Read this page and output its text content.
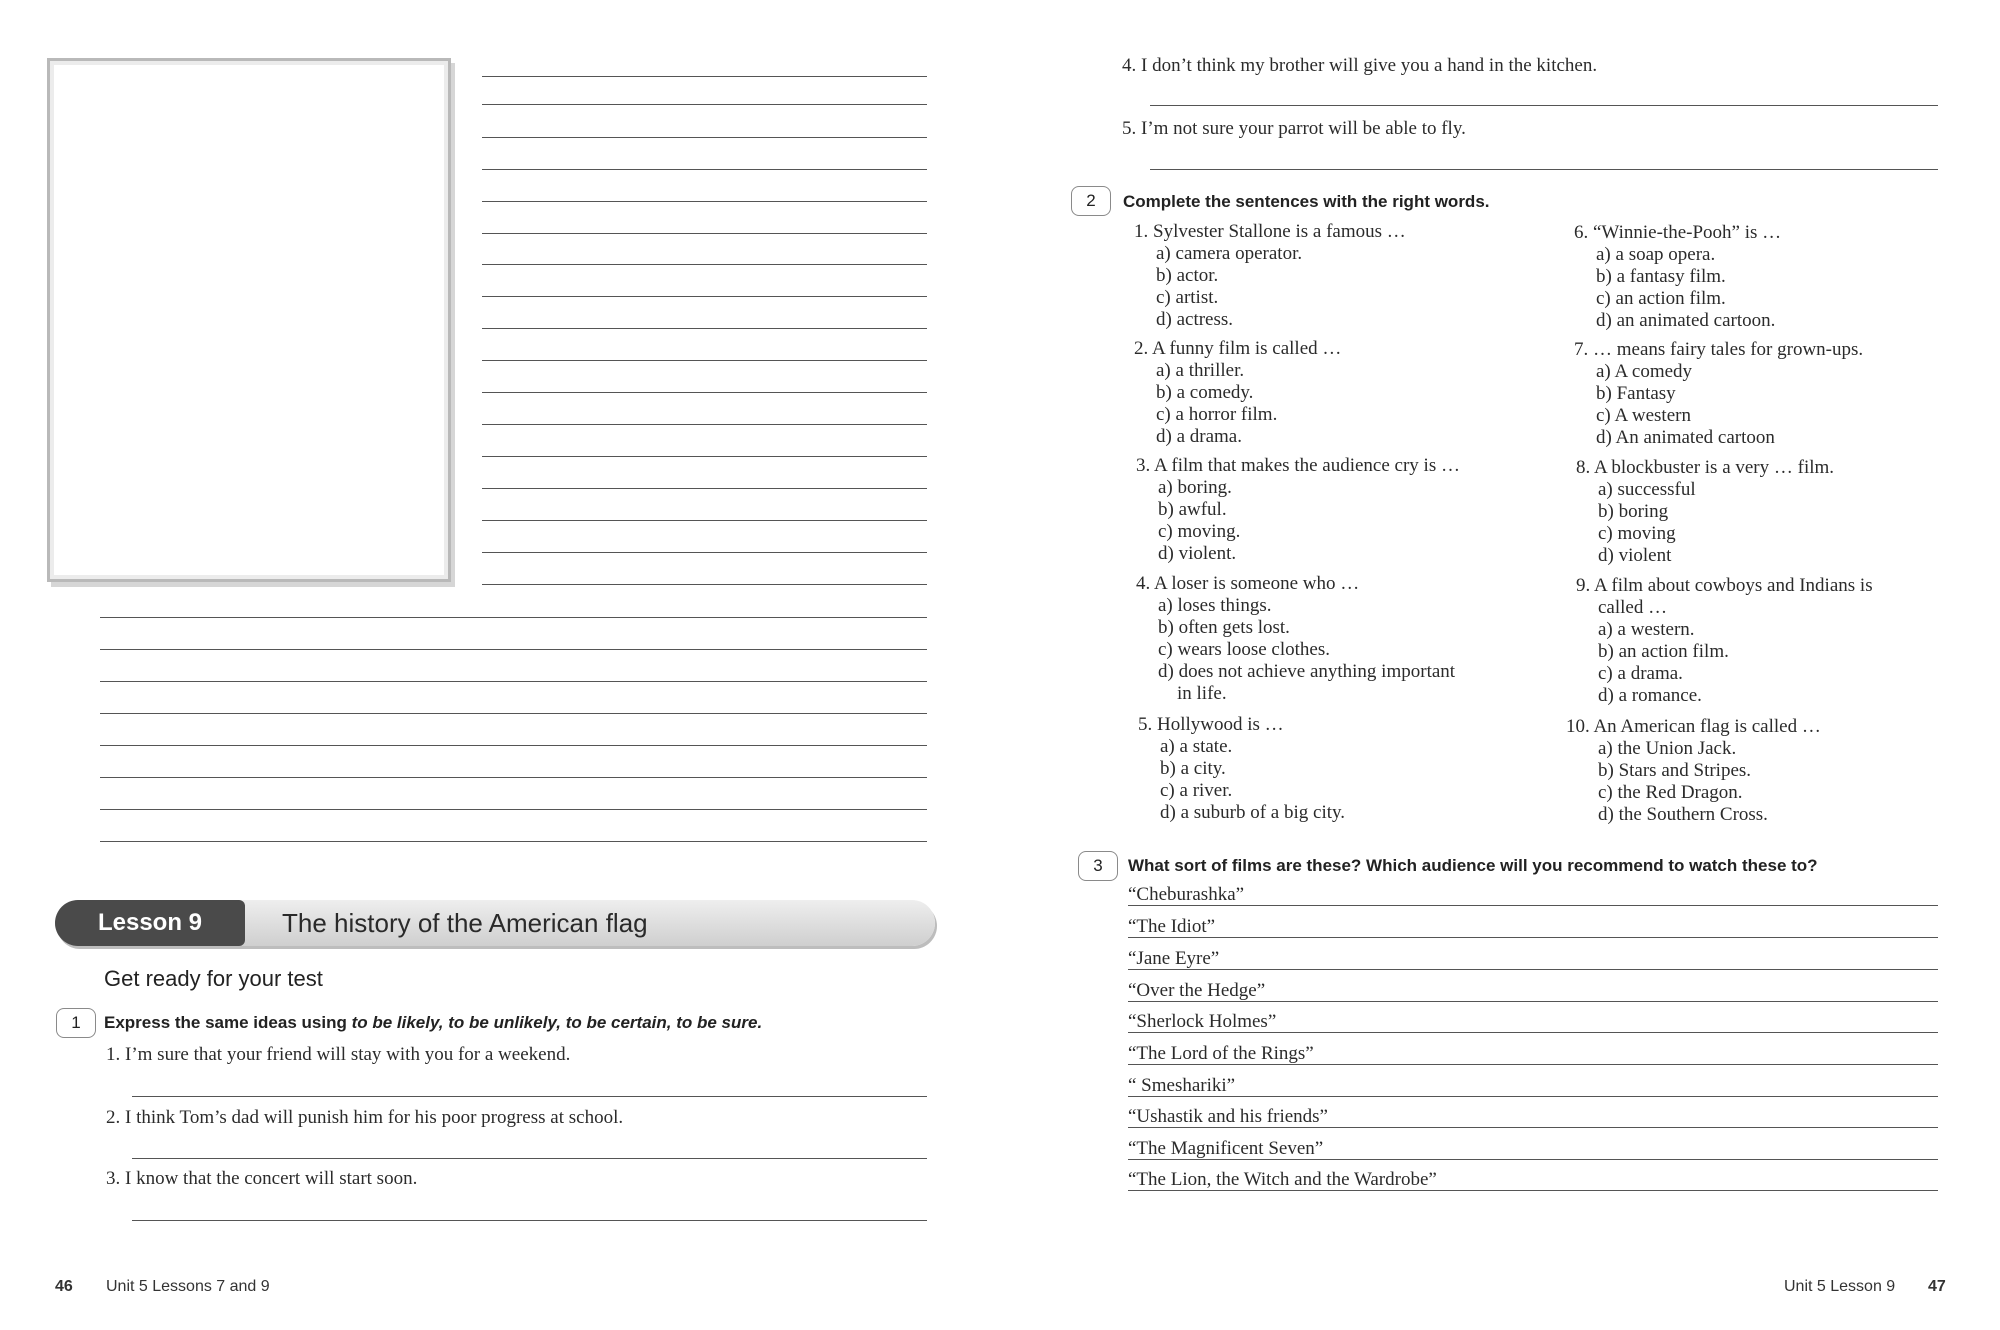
Lesson 9	The history of the American flag
Get ready for your test
1	Express the same ideas using to be likely, to be unlikely, to be certain, to be sure.
1. I’m sure that your friend will stay with you for a weekend.
2. I think Tom’s dad will punish him for his poor progress at school.
3. I know that the concert will start soon.
46 Unit 5 Lessons 7 and 9
4. I don’t think my brother will give you a hand in the kitchen.
5. I’m not sure your parrot will be able to fly.
2	Complete the sentences with the right words.
1. Sylvester Stallone is a famous …
a) camera operator.
b) actor.
c) artist.
d) actress.
2. A funny film is called …
a) a thriller.
b) a comedy.
c) a horror film.
d) a drama.
3. A film that makes the audience cry is …
a) boring.
b) awful.
c) moving.
d) violent.
4. A loser is someone who …
a) loses things.
b) often gets lost.
c) wears loose clothes.
d) does not achieve anything important
in life.
5. Hollywood is …
a) a state.
b) a city.
c) a river.
d) a suburb of a big city.
6. “Winnie-the-Pooh” is …
a) a soap opera.
b) a fantasy film.
c) an action film.
d) an animated cartoon.
7. … means fairy tales for grown-ups.
a) A comedy
b) Fantasy
c) A western
d) An animated cartoon
8. A blockbuster is a very … film.
a) successful
b) boring
c) moving
d) violent
9. A film about cowboys and Indians is
called …
a) a western.
b) an action film.
c) a drama.
d) a romance.
10. An American flag is called …
a) the Union Jack.
b) Stars and Stripes.
c) the Red Dragon.
d) the Southern Cross.
3	What sort of films are these? Which audience will you recommend to watch these to?
“Cheburashka”
“The Idiot”
“Jane Eyre”
“Over the Hedge”
“Sherlock Holmes”
“The Lord of the Rings”
“ Smeshariki”
“Ushastik and his friends”
“The Magnificent Seven”
“The Lion, the Witch and the Wardrobe”
Unit 5 Lesson 9 47
